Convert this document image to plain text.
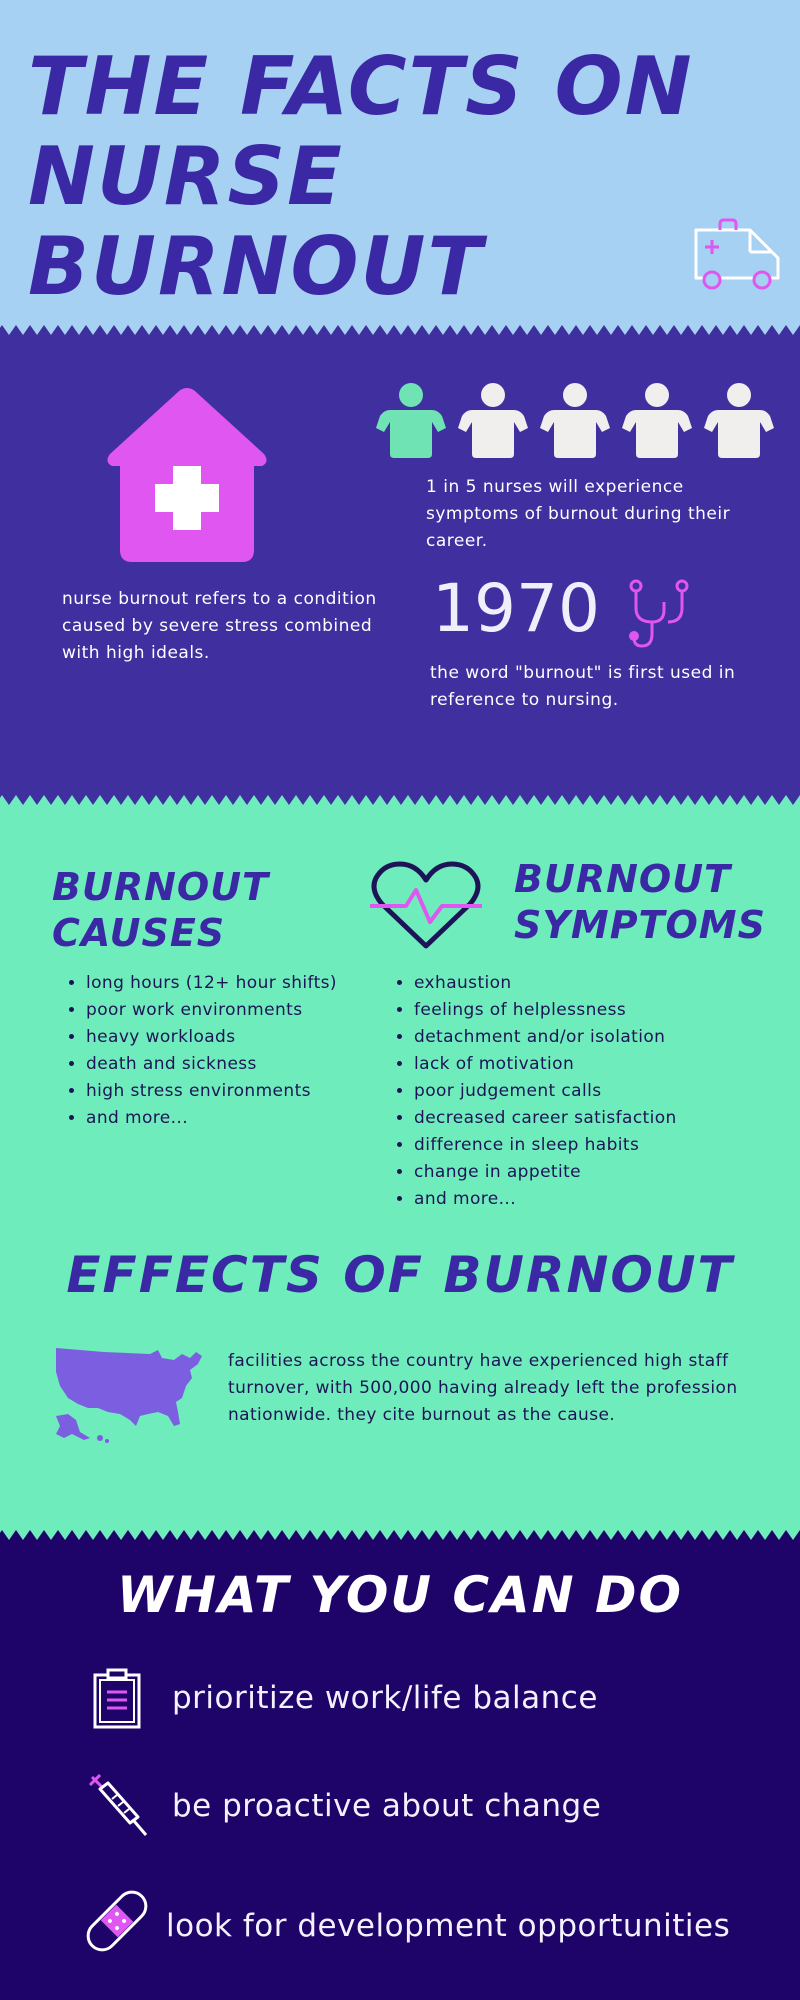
THE FACTS ON
NURSE BURNOUT

nurse burnout refers to a condition caused by severe stress combined with high ideals.

1 in 5 nurses will experience symptoms of burnout during their career.

1970

the word "burnout" is first used in reference to nursing.

BURNOUT
CAUSES
• long hours (12+ hour shifts)
• poor work environments
• heavy workloads
• death and sickness
• high stress environments
• and more...
BURNOUT
SYMPTOMS
• exhaustion
• feelings of helplessness
• detachment and/or isolation
• lack of motivation
• poor judgement calls
• decreased career satisfaction
• difference in sleep habits
• change in appetite
• and more...
EFFECTS OF BURNOUT

facilities across the country have experienced high staff turnover, with 500,000 having already left the profession nationwide. they cite burnout as the cause.

WHAT YOU CAN DO
prioritize work/life balance
be proactive about change
look for development opportunities
